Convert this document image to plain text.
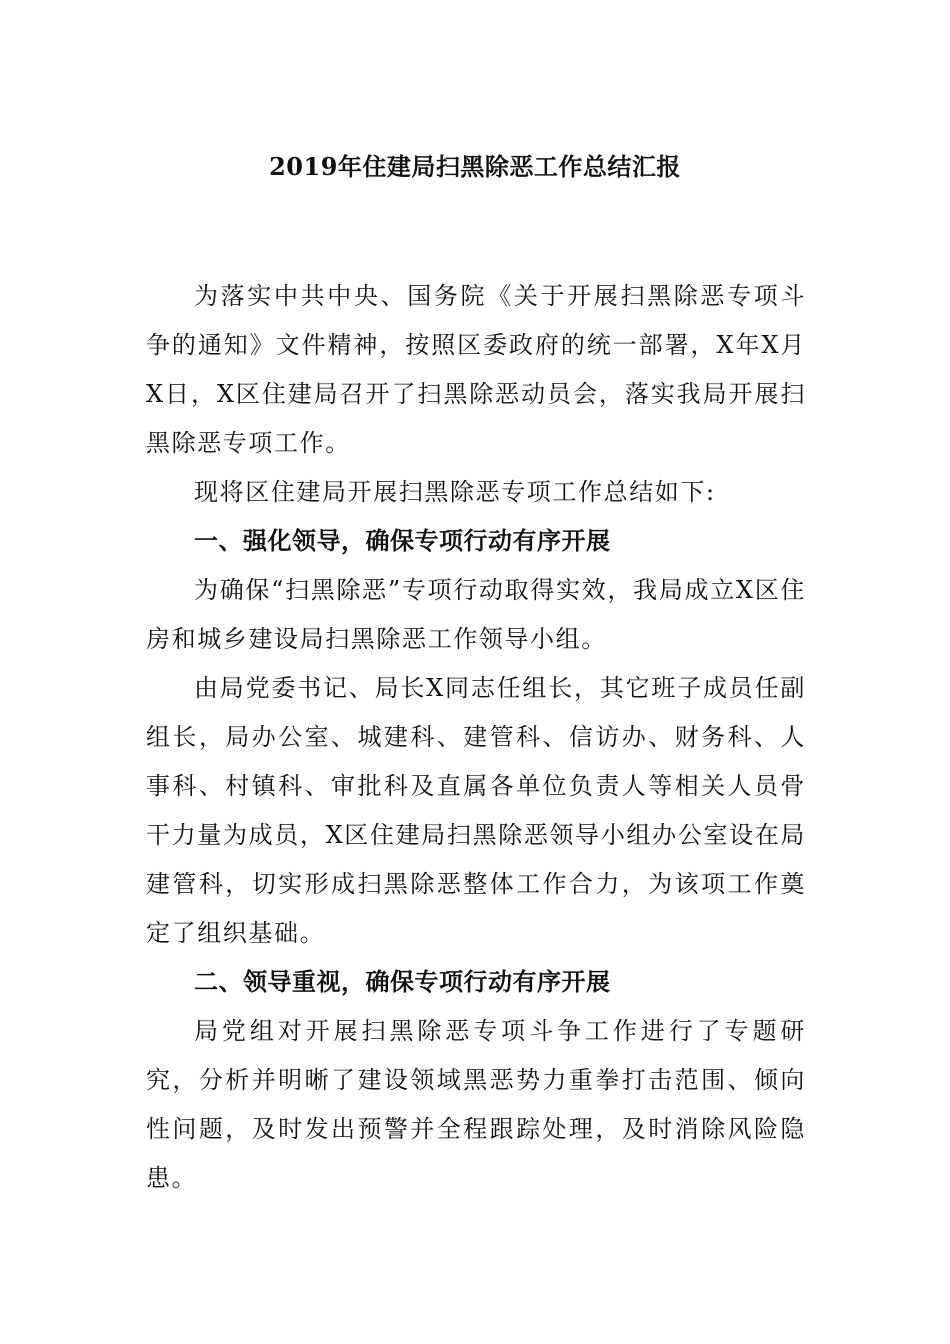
2019年住建局扫黑除恶工作总结汇报

为落实中共中央、国务院《关于开展扫黑除恶专项斗争的通知》文件精神，按照区委政府的统一部署，X年X月X日，X区住建局召开了扫黑除恶动员会，落实我局开展扫黑除恶专项工作。

现将区住建局开展扫黑除恶专项工作总结如下:

一、强化领导，确保专项行动有序开展

为确保“扫黑除恶”专项行动取得实效，我局成立X区住房和城乡建设局扫黑除恶工作领导小组。

由局党委书记、局长X同志任组长，其它班子成员任副组长，局办公室、城建科、建管科、信访办、财务科、人事科、村镇科、审批科及直属各单位负责人等相关人员骨干力量为成员，X区住建局扫黑除恶领导小组办公室设在局建管科，切实形成扫黑除恶整体工作合力，为该项工作奠定了组织基础。

二、领导重视，确保专项行动有序开展

局党组对开展扫黑除恶专项斗争工作进行了专题研究，分析并明晰了建设领域黑恶势力重拳打击范围、倾向性问题，及时发出预警并全程跟踪处理，及时消除风险隐患。
